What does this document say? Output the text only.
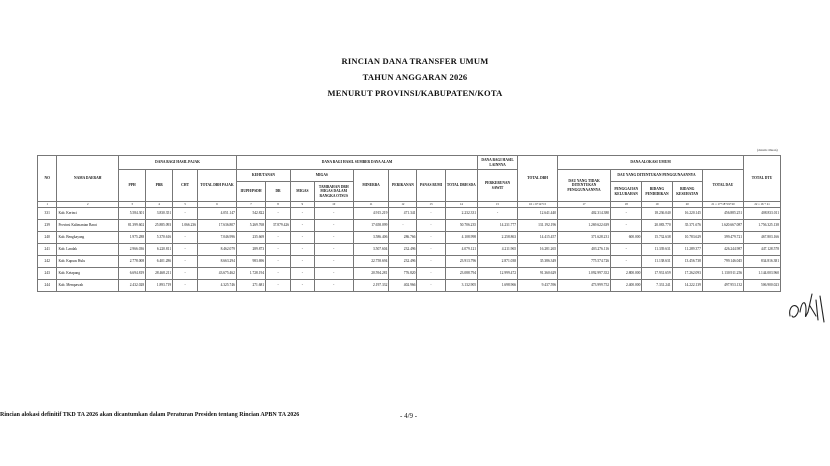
RINCIAN DANA TRANSFER UMUM
TAHUN ANGGARAN 2026
MENURUT PROVINSI/KABUPATEN/KOTA
(dalam ribuan)
NO	NAMA DAERAH	DANA BAGI HASIL PAJAK				DANA BAGI HASIL SUMBER DAYA ALAM								DANA BAGI HASIL LAINNYA	TOTAL DBH	DANA ALOKASI UMUM					TOTAL DTU
		PPH	PBB	CHT	TOTAL DBH PAJAK	KEHUTANAN		MIGAS		MINERBA	PERIKANAN	PANAS BUMI	TOTAL DBH SDA	PERKEBUNAN SAWIT		DAU YANG TIDAK DITENTUKAN PENGGUNAANNYA	DAU YANG DITENTUKAN PENGGUNAANNYA			TOTAL DAU	
						IIUPH/PSDH	DR	MIGAS	TAMBAHAN DBH MIGAS DALAM RANGKA OTSUS								PENGGAJIAN KELURAHAN	BIDANG PENDIDIKAN	BIDANG KESEHATAN		
1	2	3	4	5	6	7	8	9	10	11	12	13	14	15	16 = 6+14+15	17	18	19	20	21 = 17+18+19+20	22 = 16 + 21
331	Kab. Kerinci	5.584.301	3.830.351	-	4.051.147	542.822	-	-	-	4.915.219	471.341	-	2.232.331	-	12.641.440	402.314.380	-	18.236.040	16.220.145	456.885.251	408.833.011
239	Provinsi Kalimantan Barat	81.399.602	25.885.093	1.066.236	17.636.807	5.269.768	37.879.426	-	-	17.658.099	-	-	50.706.235	14.231.777	131.192.196	1.269.622.639	-	20.083.770	35.371.676	1.620.667.087	1.756.325.138
240	Kab. Bengkayang	1.975.288	5.370.616	-	7.046.996	235.669	-	-	-	3.586.406	286.766	-	4.108.998	2.258.863	14.415.457	371.628.231	600.000	15.732.638	10.783.629	399.479.721	467.803.166
241	Kab. Landak	2.966.036	6.220.811	-	8.462.079	289.873	-	-	-	3.507.604	232.496	-	4.079.121	4.211.965	16.281.265	403.276.116	-	11.339.631	11.289.377	426.244.987	447.128.578
242	Kab. Kapuas Hulu	2.778.008	6.401.286	-	8.663.294	983.696	-	-	-	22.758.694	232.496	-	23.913.796	2.871.038	35.386.349	775.574.726	-	11.138.631	13.456.738	799.146.045	834.816.381
243	Kab. Ketapang	6.694.819	28.468.211	-	43.675.462	1.728.194	-	-	-	20.594.281	776.820	-	23.088.794	12.999.472	91.360.629	1.092.997.352	2.800.000	17.931.659	17.262.093	1.130.911.256	1.144.003.960
244	Kab. Mempawah	2.432.028	1.893.719	-	4.325.746	271.681	-	-	-	2.197.332	402.966	-	3.132.905	1.698.966	9.437.596	473.999.752	2.400.000	7.331.241	14.222.139	497.953.132	506.900.023
Rincian alokasi definitif TKD TA 2026 akan dicantumkan dalam Peraturan Presiden tentang Rincian APBN TA 2026	- 4/9 -
